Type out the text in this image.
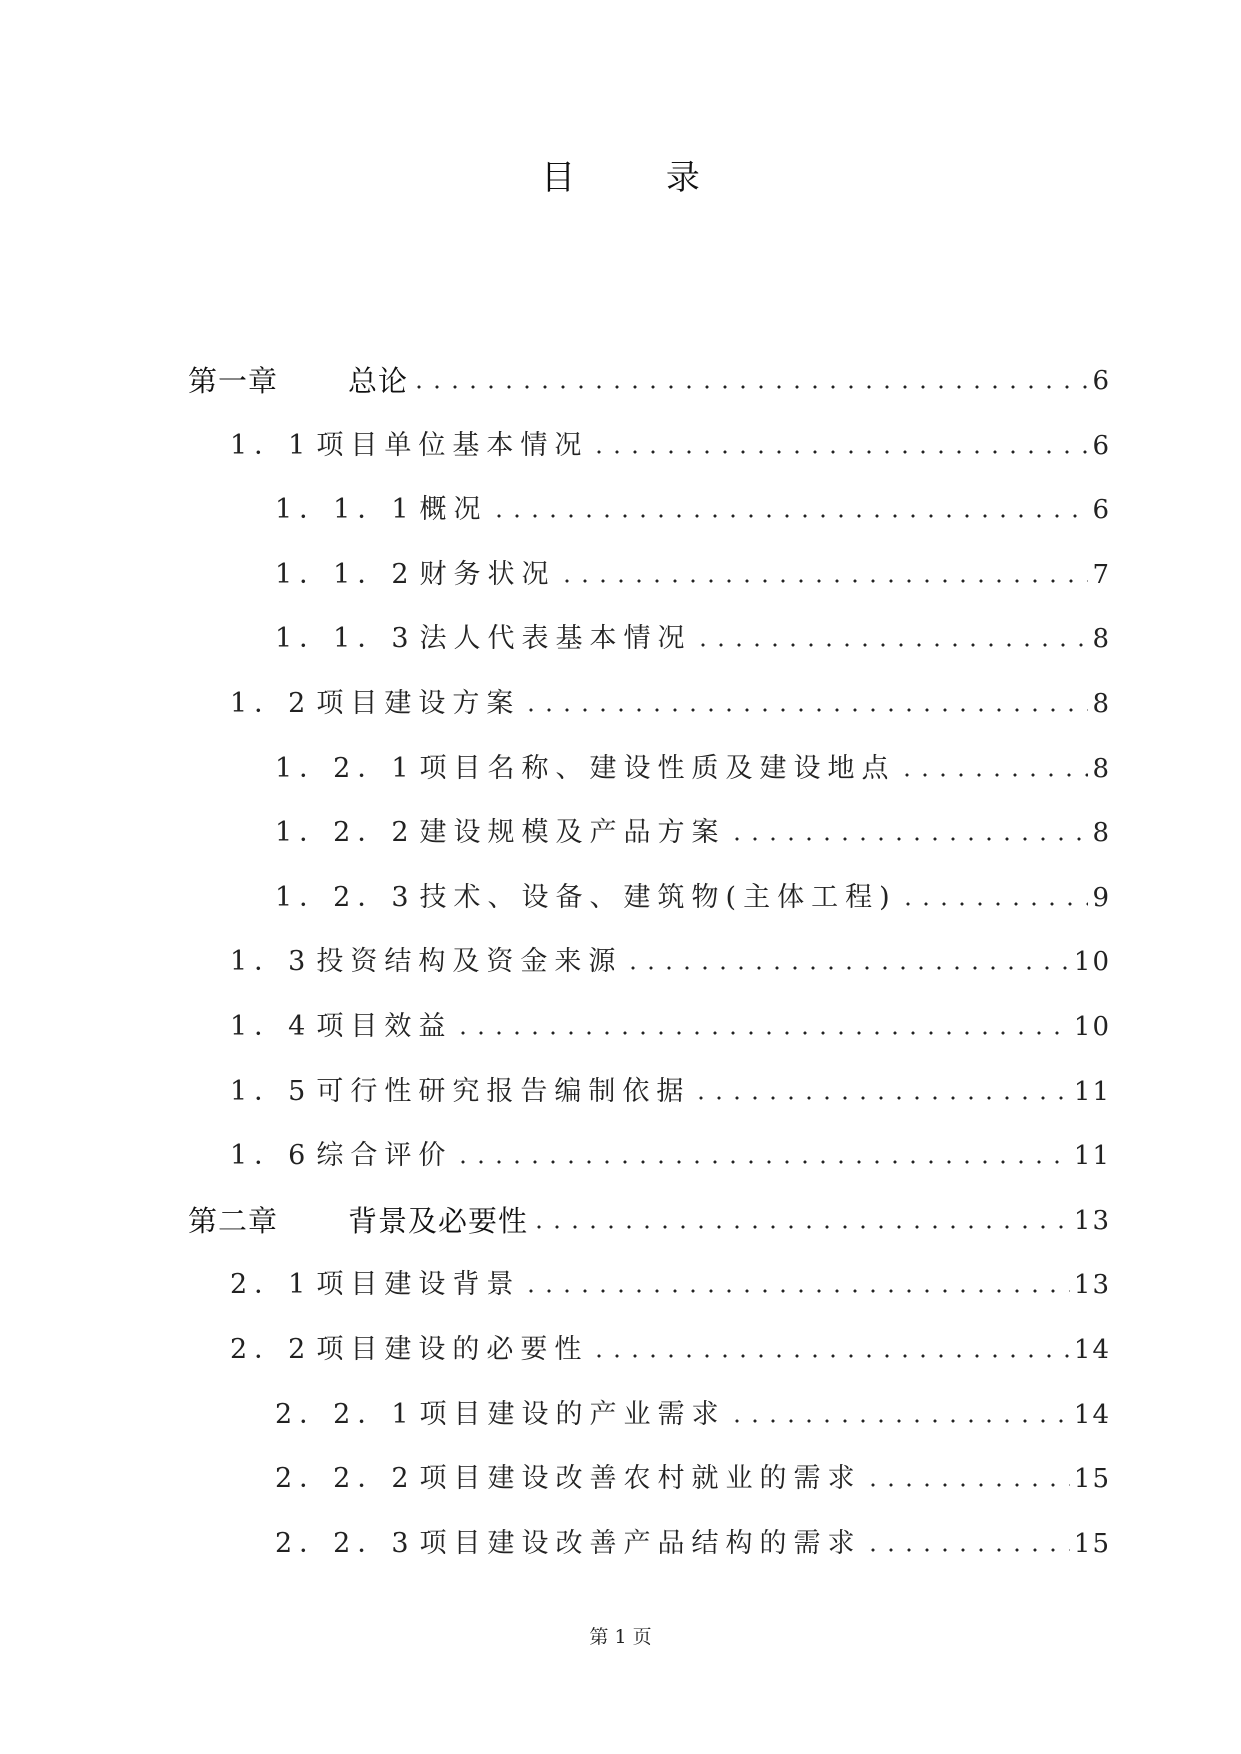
目 录
第一章 总论	6
1．1 项目单位基本情况	6
1．1．1 概况	6
1．1．2 财务状况	7
1．1．3 法人代表基本情况	8
1．2 项目建设方案	8
1．2．1 项目名称、建设性质及建设地点	8
1．2．2 建设规模及产品方案	8
1．2．3 技术、设备、建筑物(主体工程)	9
1．3 投资结构及资金来源	10
1．4 项目效益	10
1．5 可行性研究报告编制依据	11
1．6 综合评价	11
第二章 背景及必要性	13
2．1 项目建设背景	13
2．2 项目建设的必要性	14
2．2．1 项目建设的产业需求	14
2．2．2 项目建设改善农村就业的需求	15
2．2．3 项目建设改善产品结构的需求	15
第 1 页
